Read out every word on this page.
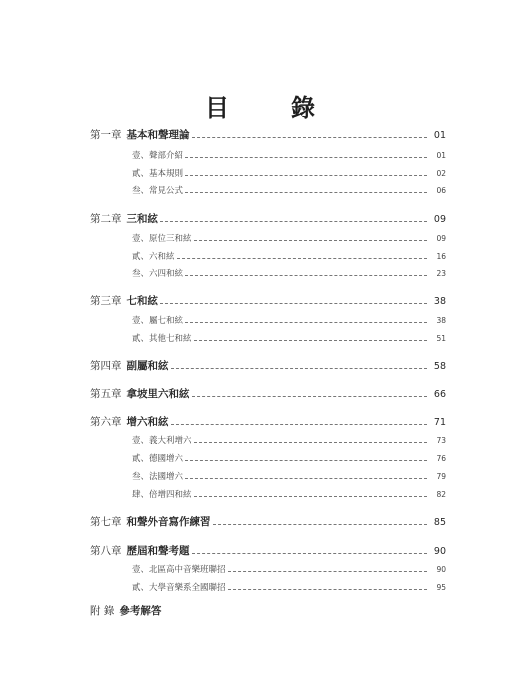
目	錄
第一章 基本和聲理論	01
壹、聲部介紹	01
貳、基本規則	02
叁、常見公式	06
第二章 三和絃	09
壹、原位三和絃	09
貳、六和絃	16
叁、六四和絃	23
第三章 七和絃	38
壹、屬七和絃	38
貳、其他七和絃	51
第四章 副屬和絃	58
第五章 拿坡里六和絃	66
第六章 增六和絃	71
壹、義大利增六	73
貳、德國增六	76
叁、法國增六	79
肆、倍增四和絃	82
第七章 和聲外音寫作練習	85
第八章 歷屆和聲考題	90
壹、北區高中音樂班聯招	90
貳、大學音樂系全國聯招	95
附 錄 參考解答
